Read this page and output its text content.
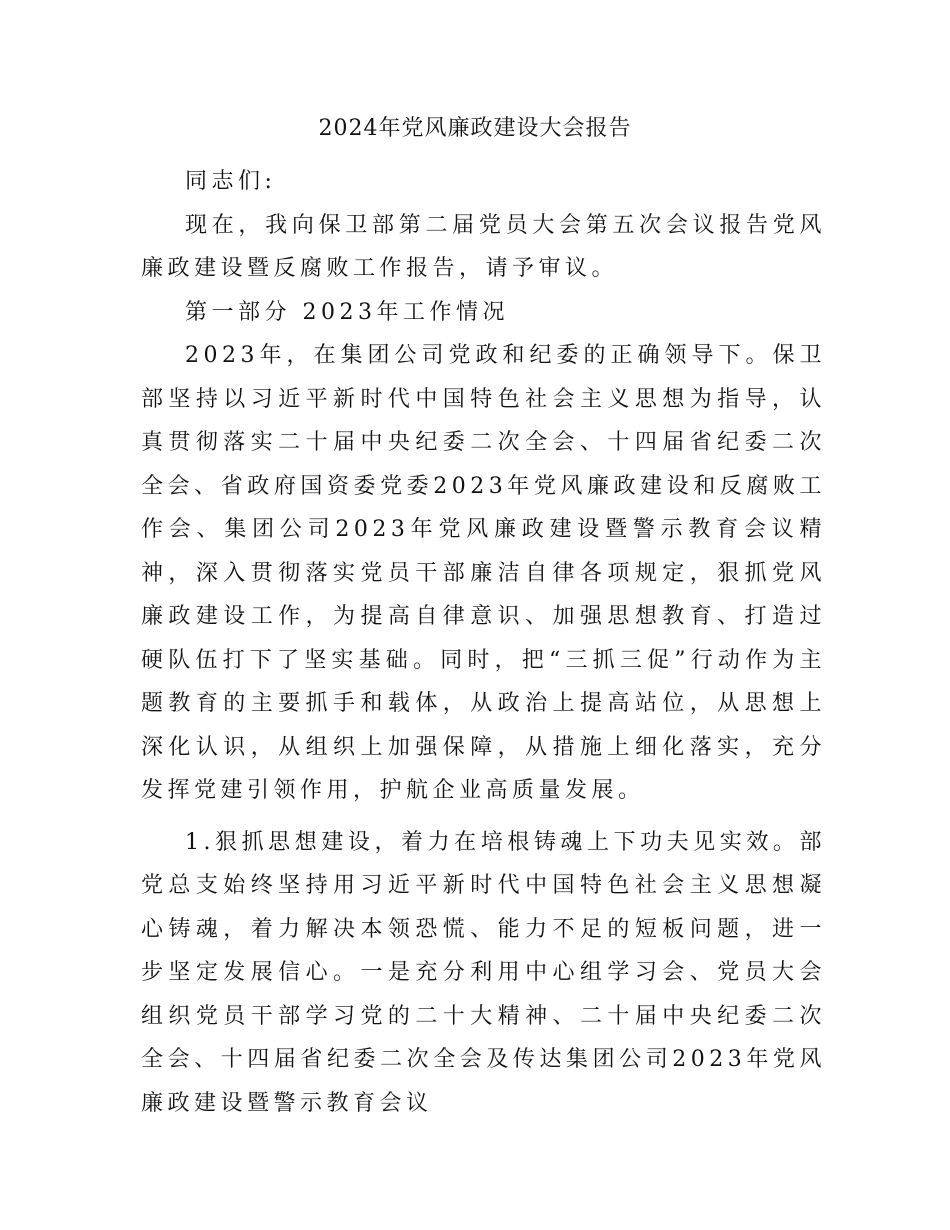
2024年党风廉政建设大会报告

同志们:

现在，我向保卫部第二届党员大会第五次会议报告党风廉政建设暨反腐败工作报告，请予审议。

第一部分 2023年工作情况

2023年，在集团公司党政和纪委的正确领导下。保卫部坚持以习近平新时代中国特色社会主义思想为指导，认真贯彻落实二十届中央纪委二次全会、十四届省纪委二次全会、省政府国资委党委2023年党风廉政建设和反腐败工作会、集团公司2023年党风廉政建设暨警示教育会议精神，深入贯彻落实党员干部廉洁自律各项规定，狠抓党风廉政建设工作，为提高自律意识、加强思想教育、打造过硬队伍打下了坚实基础。同时，把“三抓三促”行动作为主题教育的主要抓手和载体，从政治上提高站位，从思想上深化认识，从组织上加强保障，从措施上细化落实，充分发挥党建引领作用，护航企业高质量发展。

1.狠抓思想建设，着力在培根铸魂上下功夫见实效。部党总支始终坚持用习近平新时代中国特色社会主义思想凝心铸魂，着力解决本领恐慌、能力不足的短板问题，进一步坚定发展信心。一是充分利用中心组学习会、党员大会组织党员干部学习党的二十大精神、二十届中央纪委二次全会、十四届省纪委二次全会及传达集团公司2023年党风廉政建设暨警示教育会议
